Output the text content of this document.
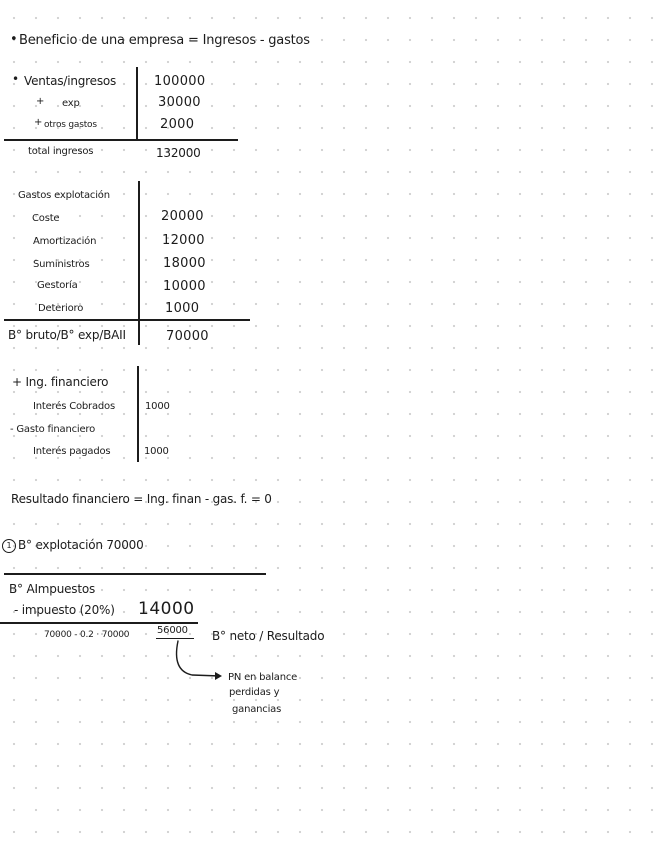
• Beneficio de una empresa = Ingresos - gastos
• Ventas/ingresos	100000
+ exp	30000
+ otros gastos	2000
total ingresos	132000
Gastos explotación
Coste	20000
Amortización	12000
Suministros	18000
Gestoría	10000
Deterioro	1000
B° bruto/B° exp/BAII	70000
+ Ing. financiero
Interés Cobrados	1000
- Gasto financiero
Interés pagados	1000
Resultado financiero = Ing. finan - gas. f. = 0
1 B° explotación 70000
B° AImpuestos
- impuesto (20%) 14000
70000 - 0.2 · 70000	56000 B° neto / Resultado
PN en balance
perdidas y
ganancias
